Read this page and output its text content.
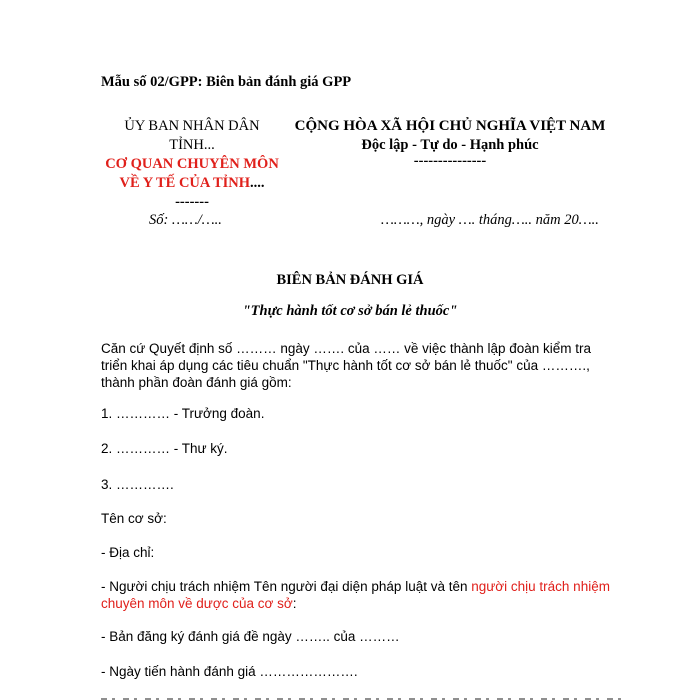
Mẫu số 02/GPP: Biên bản đánh giá GPP
ỦY BAN NHÂN DÂN
TỈNH...
CƠ QUAN CHUYÊN MÔN
VỀ Y TẾ CỦA TỈNH....
-------
Số: ……/…..
CỘNG HÒA XÃ HỘI CHỦ NGHĨA VIỆT NAM
Độc lập - Tự do - Hạnh phúc
---------------
………, ngày …. tháng….. năm 20…..
BIÊN BẢN ĐÁNH GIÁ
"Thực hành tốt cơ sở bán lẻ thuốc"
Căn cứ Quyết định số ……… ngày ……. của …… về việc thành lập đoàn kiểm tra
triển khai áp dụng các tiêu chuẩn "Thực hành tốt cơ sở bán lẻ thuốc" của ……….,
thành phần đoàn đánh giá gồm:
1. ………… - Trưởng đoàn.
2. ………… - Thư ký.
3. ………….
Tên cơ sở:
- Địa chỉ:
- Người chịu trách nhiệm Tên người đại diện pháp luật và tên người chịu trách nhiệm
chuyên môn về dược của cơ sở:
- Bản đăng ký đánh giá đề ngày …….. của ………
- Ngày tiến hành đánh giá ………………….
